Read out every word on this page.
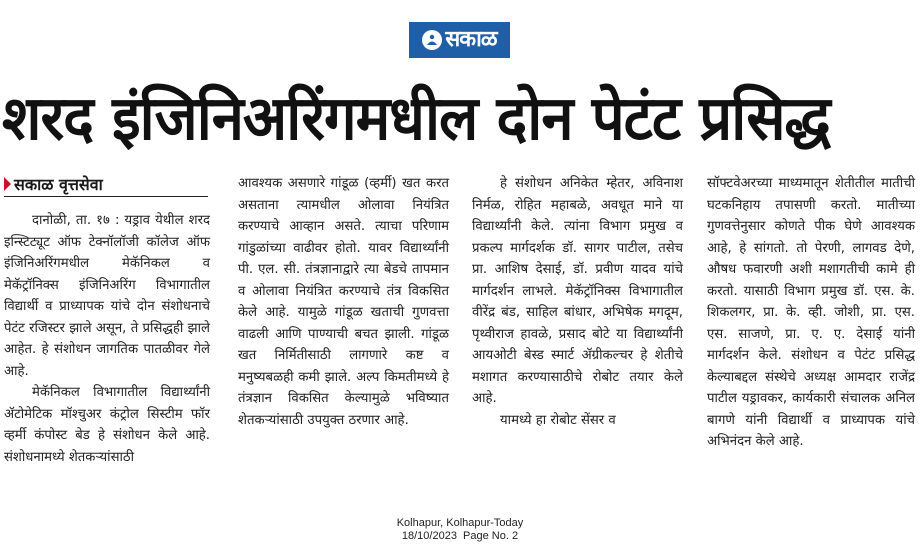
सकाळ
शरद इंजिनिअरिंगमधील दोन पेटंट प्रसिद्ध
सकाळ वृत्तसेवा

दानोळी, ता. १७ : यड्राव येथील शरद इन्स्टिट्यूट ऑफ टेक्नॉलॉजी कॉलेज ऑफ इंजिनिअरिंगमधील मेकॅनिकल व मेकॅट्रॉनिक्स इंजिनिअरिंग विभागातील विद्यार्थी व प्राध्यापक यांचे दोन संशोधनाचे पेटंट रजिस्टर झाले असून, ते प्रसिद्धही झाले आहेत. हे संशोधन जागतिक पातळीवर गेले आहे.

मेकॅनिकल विभागातील विद्यार्थ्यांनी ॲटोमेटिक मॉश्चुअर कंट्रोल सिस्टीम फॉर व्हर्मी कंपोस्ट बेड हे संशोधन केले आहे. संशोधनामध्ये शेतकऱ्यांसाठी

आवश्यक असणारे गांडूळ (व्हर्मी) खत करत असताना त्यामधील ओलावा नियंत्रित करण्याचे आव्हान असते. त्याचा परिणाम गांडुळांच्या वाढीवर होतो. यावर विद्यार्थ्यांनी पी. एल. सी. तंत्रज्ञानाद्वारे त्या बेडचे तापमान व ओलावा नियंत्रित करण्याचे तंत्र विकसित केले आहे. यामुळे गांडूळ खताची गुणवत्ता वाढली आणि पाण्याची बचत झाली. गांडूळ खत निर्मितीसाठी लागणारे कष्ट व मनुष्यबळही कमी झाले. अल्प किमतीमध्ये हे तंत्रज्ञान विकसित केल्यामुळे भविष्यात शेतकऱ्यांसाठी उपयुक्त ठरणार आहे.

हे संशोधन अनिकेत म्हेतर, अविनाश निर्मळ, रोहित महाबळे, अवधूत माने या विद्यार्थ्यांनी केले. त्यांना विभाग प्रमुख व प्रकल्प मार्गदर्शक डॉ. सागर पाटील, तसेच प्रा. आशिष देसाई, डॉ. प्रवीण यादव यांचे मार्गदर्शन लाभले. मेकॅट्रॉनिक्स विभागातील वीरेंद्र बंड, साहिल बांधार, अभिषेक मगदूम, पृथ्वीराज हावळे, प्रसाद बोटे या विद्यार्थ्यांनी आयओटी बेस्ड स्मार्ट ॲग्रीकल्चर हे शेतीचे मशागत करण्यासाठीचे रोबोट तयार केले आहे.

यामध्ये हा रोबोट सेंसर व

सॉफ्टवेअरच्या माध्यमातून शेतीतील मातीची घटकनिहाय तपासणी करतो. मातीच्या गुणवत्तेनुसार कोणते पीक घेणे आवश्यक आहे, हे सांगतो. तो पेरणी, लागवड देणे, औषध फवारणी अशी मशागतीची कामे ही करतो. यासाठी विभाग प्रमुख डॉ. एस. के. शिकलगर, प्रा. के. व्ही. जोशी, प्रा. एस. एस. साजणे, प्रा. ए. ए. देसाई यांनी मार्गदर्शन केले. संशोधन व पेटंट प्रसिद्ध केल्याबद्दल संस्थेचे अध्यक्ष आमदार राजेंद्र पाटील यड्रावकर, कार्यकारी संचालक अनिल बागणे यांनी विद्यार्थी व प्राध्यापक यांचे अभिनंदन केले आहे.

Kolhapur, Kolhapur-Today
18/10/2023  Page No. 2
